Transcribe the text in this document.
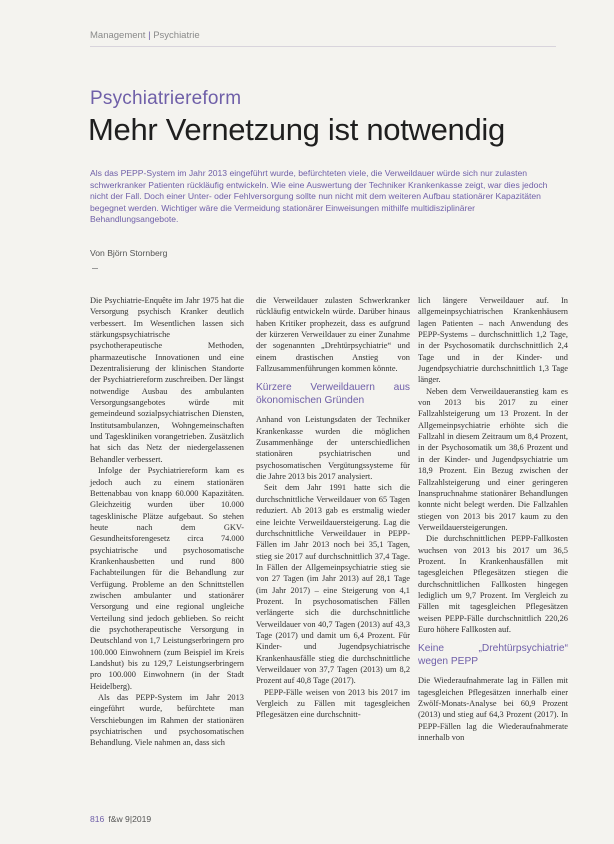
Management | Psychiatrie
Psychiatriereform
Mehr Vernetzung ist notwendig
Als das PEPP-System im Jahr 2013 eingeführt wurde, befürchteten viele, die Verweildauer würde sich nur zulasten schwerkranker Patienten rückläufig entwickeln. Wie eine Auswertung der Techniker Krankenkasse zeigt, war dies jedoch nicht der Fall. Doch einer Unter- oder Fehlversorgung sollte nun nicht mit dem weiteren Aufbau stationärer Kapazitäten begegnet werden. Wichtiger wäre die Vermeidung stationärer Einweisungen mithilfe multidisziplinärer Behandlungsangebote.
Von Björn Stornberg

Die Psychiatrie-Enquête im Jahr 1975 hat die Versorgung psychisch Kranker deutlich verbessert. Im Wesentlichen lassen sich stärkungspsychiatrische psychotherapeutische Methoden, pharmazeutische Innovationen und eine Dezentralisierung der klinischen Standorte der Psychiatriereform zuschreiben. Der längst notwendige Ausbau des ambulanten Versorgungsangebotes würde mit gemeindeund sozialpsychiatrischen Diensten, Institutsambulanzen, Wohngemeinschaften und Tageskliniken vorangetrieben. Zusätzlich hat sich das Netz der niedergelassenen Behandler verbessert.

Infolge der Psychiatriereform kam es jedoch auch zu einem stationären Bettenabbau von knapp 60.000 Kapazitäten. Gleichzeitig wurden über 10.000 tagesklinische Plätze aufgebaut. So stehen heute nach dem GKV-Gesundheitsforengesetz circa 74.000 psychiatrische und psychosomatische Krankenhausbetten und rund 800 Fachabteilungen für die Behandlung zur Verfügung. Probleme an den Schnittstellen zwischen ambulanter und stationärer Versorgung und eine regional ungleiche Verteilung sind jedoch geblieben. So reicht die psychotherapeutische Versorgung in Deutschland von 1,7 Leistungserbringern pro 100.000 Einwohnern (zum Beispiel im Kreis Landshut) bis zu 129,7 Leistungserbringern pro 100.000 Einwohnern (in der Stadt Heidelberg).

Als das PEPP-System im Jahr 2013 eingeführt wurde, befürchtete man Verschiebungen im Rahmen der stationären psychiatrischen und psychosomatischen Behandlung. Viele nahmen an, dass sich

die Verweildauer zulasten Schwerkranker rückläufig entwickeln würde. Darüber hinaus haben Kritiker prophezeit, dass es aufgrund der kürzeren Verweildauer zu einer Zunahme der sogenannten „Drehtürpsychiatrie“ und einem drastischen Anstieg von Fallzusammenführungen kommen könnte.

Kürzere Verweildauern aus ökonomischen Gründen

Anhand von Leistungsdaten der Techniker Krankenkasse wurden die möglichen Zusammenhänge der unterschiedlichen stationären psychiatrischen und psychosomatischen Vergütungssysteme für die Jahre 2013 bis 2017 analysiert.

Seit dem Jahr 1991 hatte sich die durchschnittliche Verweildauer von 65 Tagen reduziert. Ab 2013 gab es erstmalig wieder eine leichte Verweildauersteigerung. Lag die durchschnittliche Verweildauer in PEPP-Fällen im Jahr 2013 noch bei 35,1 Tagen, stieg sie 2017 auf durchschnittlich 37,4 Tage. In Fällen der Allgemeinpsychiatrie stieg sie von 27 Tagen (im Jahr 2013) auf 28,1 Tage (im Jahr 2017) – eine Steigerung von 4,1 Prozent. In psychosomatischen Fällen verlängerte sich die durchschnittliche Verweildauer von 40,7 Tagen (2013) auf 43,3 Tage (2017) und damit um 6,4 Prozent. Für Kinder- und Jugendpsychiatrische Krankenhausfälle stieg die durchschnittliche Verweildauer von 37,7 Tagen (2013) um 8,2 Prozent auf 40,8 Tage (2017).

PEPP-Fälle weisen von 2013 bis 2017 im Vergleich zu Fällen mit tagesgleichen Pflegesätzen eine durchschnitt-

lich längere Verweildauer auf. In allgemeinpsychiatrischen Krankenhäusern lagen Patienten – nach Anwendung des PEPP-Systems – durchschnittlich 1,2 Tage, in der Psychosomatik durchschnittlich 2,4 Tage und in der Kinder- und Jugendpsychiatrie durchschnittlich 1,3 Tage länger.

Neben dem Verweildaueranstieg kam es von 2013 bis 2017 zu einer Fallzahlsteigerung um 13 Prozent. In der Allgemeinpsychiatrie erhöhte sich die Fallzahl in diesem Zeitraum um 8,4 Prozent, in der Psychosomatik um 38,6 Prozent und in der Kinder- und Jugendpsychiatrie um 18,9 Prozent. Ein Bezug zwischen der Fallzahlsteigerung und einer geringeren Inanspruchnahme stationärer Behandlungen konnte nicht belegt werden. Die Fallzahlen stiegen von 2013 bis 2017 kaum zu den Verweildauersteigerungen.

Die durchschnittlichen PEPP-Fallkosten wuchsen von 2013 bis 2017 um 36,5 Prozent. In Krankenhausfällen mit tagesgleichen Pflegesätzen stiegen die durchschnittlichen Fallkosten hingegen lediglich um 9,7 Prozent. Im Vergleich zu Fällen mit tagesgleichen Pflegesätzen weisen PEPP-Fälle durchschnittlich 220,26 Euro höhere Fallkosten auf.

Keine „Drehtürpsychiatrie“ wegen PEPP

Die Wiederaufnahmerate lag in Fällen mit tagesgleichen Pflegesätzen innerhalb einer Zwölf-Monats-Analyse bei 60,9 Prozent (2013) und stieg auf 64,3 Prozent (2017). In PEPP-Fällen lag die Wiederaufnahmerate innerhalb von

816 f&w 9|2019
